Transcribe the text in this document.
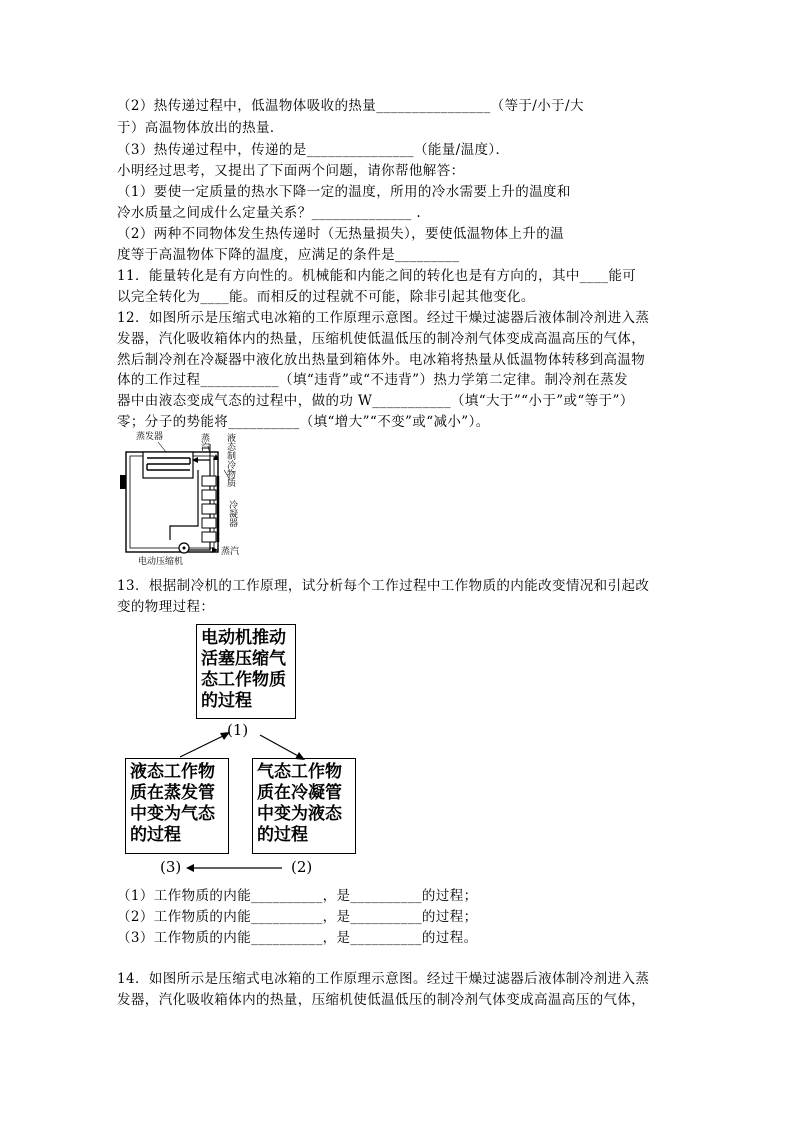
（2）热传递过程中，低温物体吸收的热量________________（等于/小于/大
于）高温物体放出的热量．
（3）热传递过程中，传递的是_______________（能量/温度）．
小明经过思考，又提出了下面两个问题，请你帮他解答：
（1）要使一定质量的热水下降一定的温度，所用的冷水需要上升的温度和
冷水质量之间成什么定量关系？______________ .
（2）两种不同物体发生热传递时（无热量损失），要使低温物体上升的温
度等于高温物体下降的温度，应满足的条件是_________
11．能量转化是有方向性的。机械能和内能之间的转化也是有方向的，其中____能可
以完全转化为____能。而相反的过程就不可能，除非引起其他变化。
12．如图所示是压缩式电冰箱的工作原理示意图。经过干燥过滤器后液体制冷剂进入蒸
发器，汽化吸收箱体内的热量，压缩机使低温低压的制冷剂气体变成高温高压的气体，
然后制冷剂在冷凝器中液化放出热量到箱体外。电冰箱将热量从低温物体转移到高温物
体的工作过程___________（填“违背”或“不违背”）热力学第二定律。制冷剂在蒸发
器中由液态变成气态的过程中，做的功 W___________（填“大于”“小于”或“等于”）
零；分子的势能将__________（填“增大”“不变”或“减小”）。
蒸发器	蒸汽 液态制冷物质
冷凝器
蒸汽
电动压缩机
13．根据制冷机的工作原理，试分析每个工作过程中工作物质的内能改变情况和引起改
变的物理过程：
电动机推动活塞压缩气态工作物质的过程
液态工作物质在蒸发管中变为气态的过程
气态工作物质在冷凝管中变为液态的过程
(1)
(2)
(3)
（1）工作物质的内能__________，是__________的过程；
（2）工作物质的内能__________，是__________的过程；
（3）工作物质的内能__________，是__________的过程。
14．如图所示是压缩式电冰箱的工作原理示意图。经过干燥过滤器后液体制冷剂进入蒸
发器，汽化吸收箱体内的热量，压缩机使低温低压的制冷剂气体变成高温高压的气体，
